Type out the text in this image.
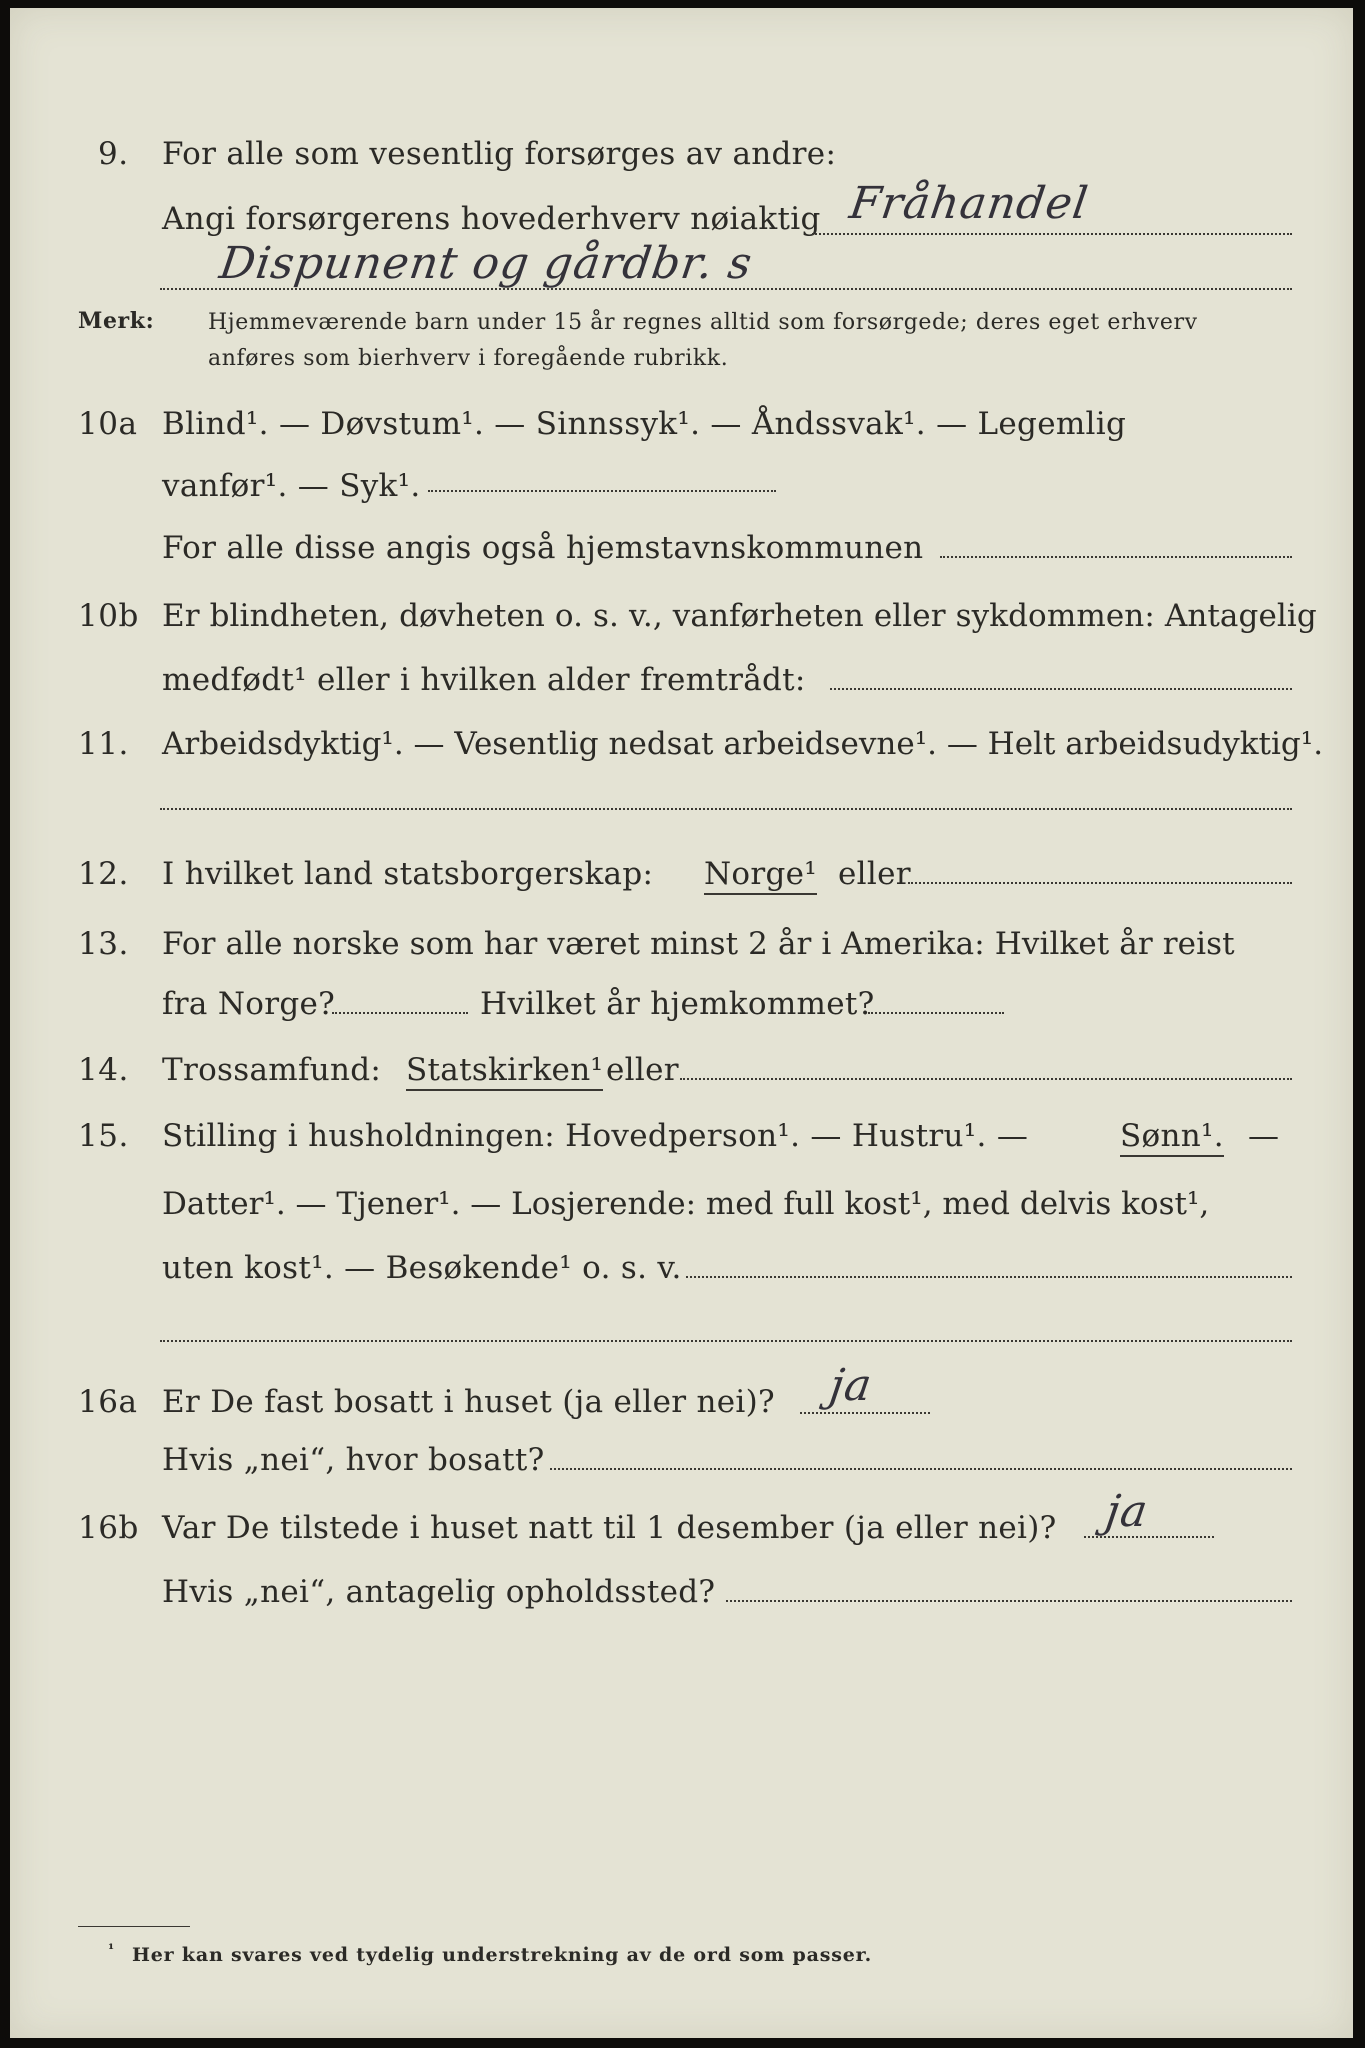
9. For alle som vesentlig forsørges av andre:
Angi forsørgerens hovederhverv nøiaktig Fråhandel
Dispunent og gårdbr. s
Merk: Hjemmeværende barn under 15 år regnes alltid som forsørgede; deres eget erhverv
anføres som bierhverv i foregående rubrikk.
10a Blind¹. — Døvstum¹. — Sinnssyk¹. — Åndssvak¹. — Legemlig
vanfør¹. — Syk¹.
For alle disse angis også hjemstavnskommunen
10b Er blindheten, døvheten o. s. v., vanførheten eller sykdommen: Antagelig
medfødt¹ eller i hvilken alder fremtrådt:
11. Arbeidsdyktig¹. — Vesentlig nedsat arbeidsevne¹. — Helt arbeidsudyktig¹.
12. I hvilket land statsborgerskap: Norge¹ eller
13. For alle norske som har været minst 2 år i Amerika: Hvilket år reist
fra Norge?	Hvilket år hjemkommet?
14. Trossamfund: Statskirken¹ eller
15. Stilling i husholdningen: Hovedperson¹. — Hustru¹. —	Sønn¹. —
Datter¹. — Tjener¹. — Losjerende: med full kost¹, med delvis kost¹,
uten kost¹. — Besøkende¹ o. s. v.
16a Er De fast bosatt i huset (ja eller nei)? ja
Hvis „nei“, hvor bosatt?
16b Var De tilstede i huset natt til 1 desember (ja eller nei)? ja
Hvis „nei“, antagelig opholdssted?
¹ Her kan svares ved tydelig understrekning av de ord som passer.
